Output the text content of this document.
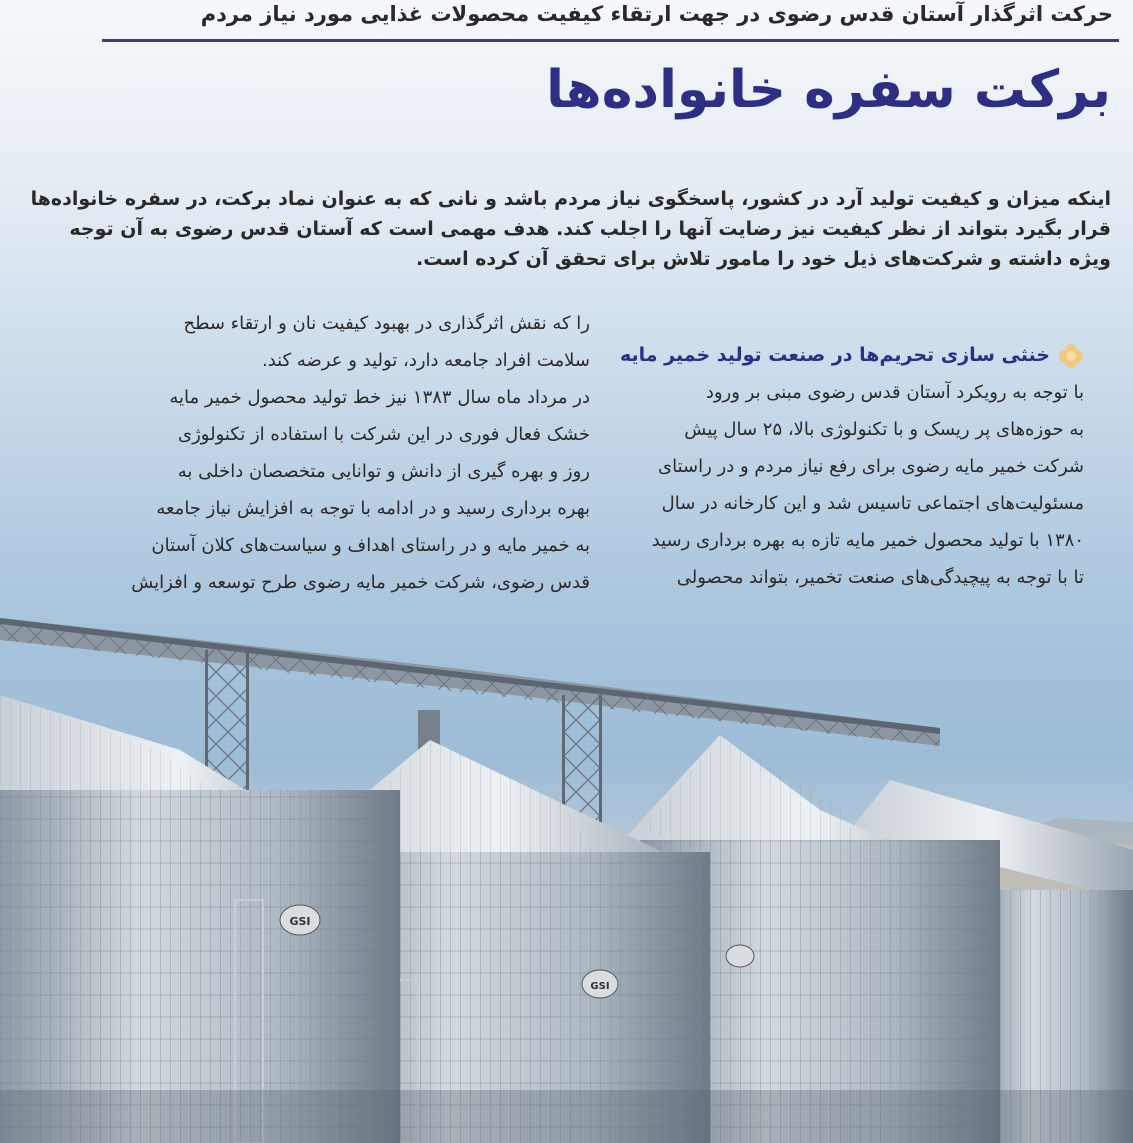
حرکت اثرگذار آستان قدس رضوی در جهت ارتقاء کیفیت محصولات غذایی مورد نیاز مردم
برکت سفره خانواده‌ها

اینکه میزان و کیفیت تولید آرد در کشور، پاسخگوی نیاز مردم باشد و نانی که به عنوان نماد برکت، در سفره خانواده‌ها

قرار بگیرد بتواند از نظر کیفیت نیز رضایت آنها را اجلب کند. هدف مهمی است که آستان قدس رضوی به آن توجه

ویژه داشته و شرکت‌های ذیل خود را مامور تلاش برای تحقق آن کرده است.

خنثی سازی تحریم‌ها در صنعت تولید خمیر مایه

با توجه به رویکرد آستان قدس رضوی مبنی بر ورود

به حوزه‌های پر ریسک و با تکنولوژی بالا، ۲۵ سال پیش

شرکت خمیر مایه رضوی برای رفع نیاز مردم و در راستای

مسئولیت‌های اجتماعی تاسیس شد و این کارخانه در سال

۱۳۸۰ با تولید محصول خمیر مایه تازه به بهره برداری رسید

تا با توجه به پیچیدگی‌های صنعت تخمیر، بتواند محصولی

را که نقش اثرگذاری در بهبود کیفیت نان و ارتقاء سطح

سلامت افراد جامعه دارد، تولید و عرضه کند.

در مرداد ماه سال ۱۳۸۳ نیز خط تولید محصول خمیر مایه

خشک فعال فوری در این شرکت با استفاده از تکنولوژی

روز و بهره گیری از دانش و توانایی متخصصان داخلی به

بهره برداری رسید و در ادامه با توجه به افزایش نیاز جامعه

به خمیر مایه و در راستای اهداف و سیاست‌های کلان آستان

قدس رضوی، شرکت خمیر مایه رضوی طرح توسعه و افزایش

GSI
GSI
